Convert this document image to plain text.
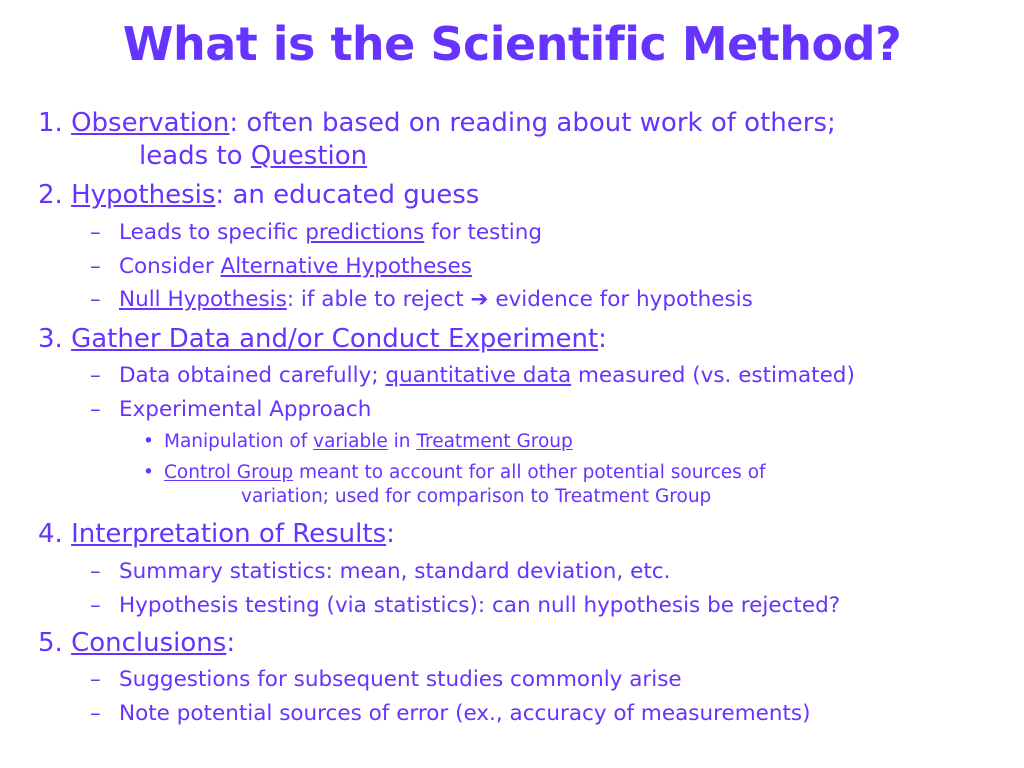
What is the Scientific Method?
1. Observation: often based on reading about work of others;
leads to Question
2. Hypothesis: an educated guess
– Leads to specific predictions for testing
– Consider Alternative Hypotheses
– Null Hypothesis: if able to reject ➔ evidence for hypothesis
3. Gather Data and/or Conduct Experiment:
– Data obtained carefully; quantitative data measured (vs. estimated)
– Experimental Approach
• Manipulation of variable in Treatment Group
• Control Group meant to account for all other potential sources of
variation; used for comparison to Treatment Group
4. Interpretation of Results:
– Summary statistics: mean, standard deviation, etc.
– Hypothesis testing (via statistics): can null hypothesis be rejected?
5. Conclusions:
– Suggestions for subsequent studies commonly arise
– Note potential sources of error (ex., accuracy of measurements)
